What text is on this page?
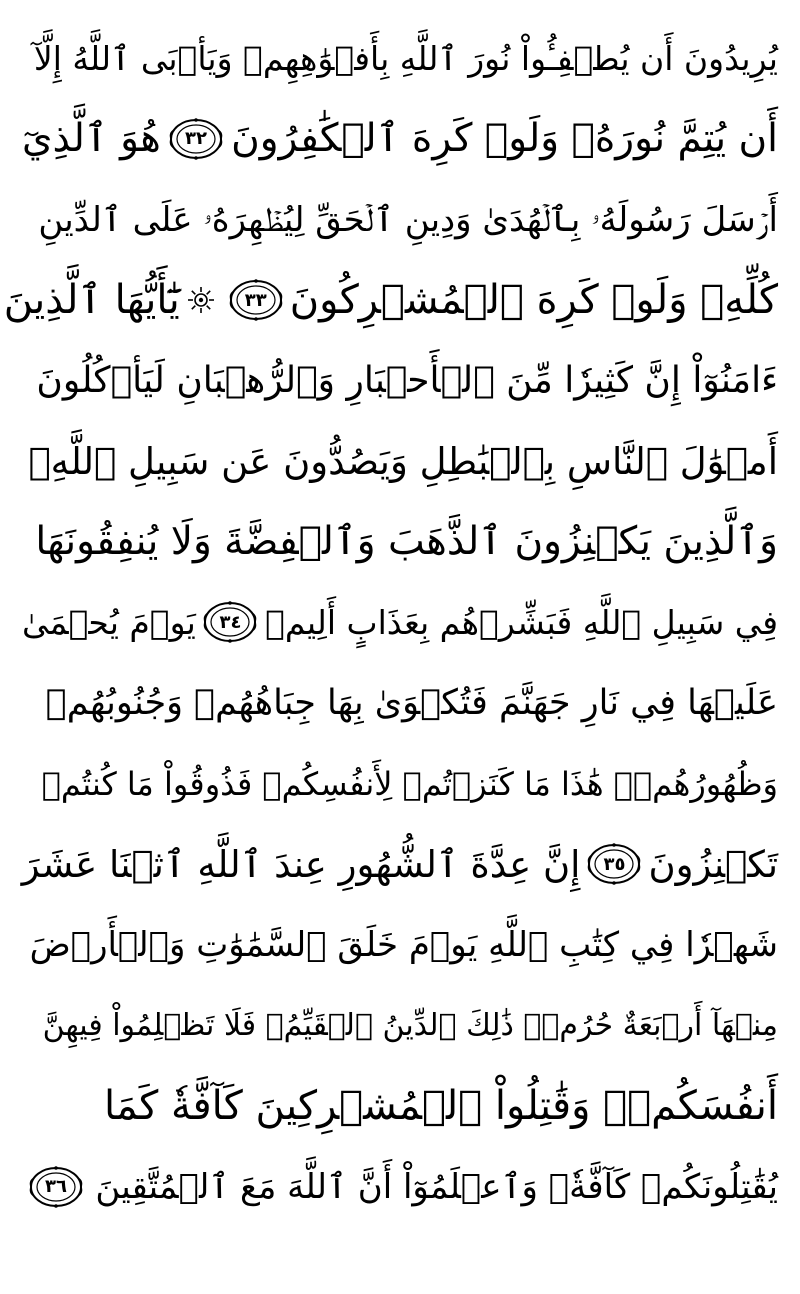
يُرِيدُونَ أَن يُطۡفِـُٔواْ نُورَ ٱللَّهِ بِأَفۡوَٰهِهِمۡ وَيَأۡبَى ٱللَّهُ إِلَّآ
أَن يُتِمَّ نُورَهُۥ وَلَوۡ كَرِهَ ٱلۡكَٰفِرُونَ
٣٢
هُوَ ٱلَّذِيٓ
أَرۡسَلَ رَسُولَهُۥ بِٱلۡهُدَىٰ وَدِينِ ٱلۡحَقِّ لِيُظۡهِرَهُۥ عَلَى ٱلدِّينِ
كُلِّهِۦ وَلَوۡ كَرِهَ ٱلۡمُشۡرِكُونَ
٣٣
يَٰٓأَيُّهَا ٱلَّذِينَ
ءَامَنُوٓاْ إِنَّ كَثِيرٗا مِّنَ ٱلۡأَحۡبَارِ وَٱلرُّهۡبَانِ لَيَأۡكُلُونَ
أَمۡوَٰلَ ٱلنَّاسِ بِٱلۡبَٰطِلِ وَيَصُدُّونَ عَن سَبِيلِ ٱللَّهِۗ
وَٱلَّذِينَ يَكۡنِزُونَ ٱلذَّهَبَ وَٱلۡفِضَّةَ وَلَا يُنفِقُونَهَا
فِي سَبِيلِ ٱللَّهِ فَبَشِّرۡهُم بِعَذَابٍ أَلِيمٖ
٣٤
يَوۡمَ يُحۡمَىٰ
عَلَيۡهَا فِي نَارِ جَهَنَّمَ فَتُكۡوَىٰ بِهَا جِبَاهُهُمۡ وَجُنُوبُهُمۡ
وَظُهُورُهُمۡۖ هَٰذَا مَا كَنَزۡتُمۡ لِأَنفُسِكُمۡ فَذُوقُواْ مَا كُنتُمۡ
تَكۡنِزُونَ
٣٥
إِنَّ عِدَّةَ ٱلشُّهُورِ عِندَ ٱللَّهِ ٱثۡنَا عَشَرَ
شَهۡرٗا فِي كِتَٰبِ ٱللَّهِ يَوۡمَ خَلَقَ ٱلسَّمَٰوَٰتِ وَٱلۡأَرۡضَ
مِنۡهَآ أَرۡبَعَةٌ حُرُمٞۚ ذَٰلِكَ ٱلدِّينُ ٱلۡقَيِّمُۚ فَلَا تَظۡلِمُواْ فِيهِنَّ
أَنفُسَكُمۡۚ وَقَٰتِلُواْ ٱلۡمُشۡرِكِينَ كَآفَّةٗ كَمَا
يُقَٰتِلُونَكُمۡ كَآفَّةٗۚ وَٱعۡلَمُوٓاْ أَنَّ ٱللَّهَ مَعَ ٱلۡمُتَّقِينَ
٣٦
